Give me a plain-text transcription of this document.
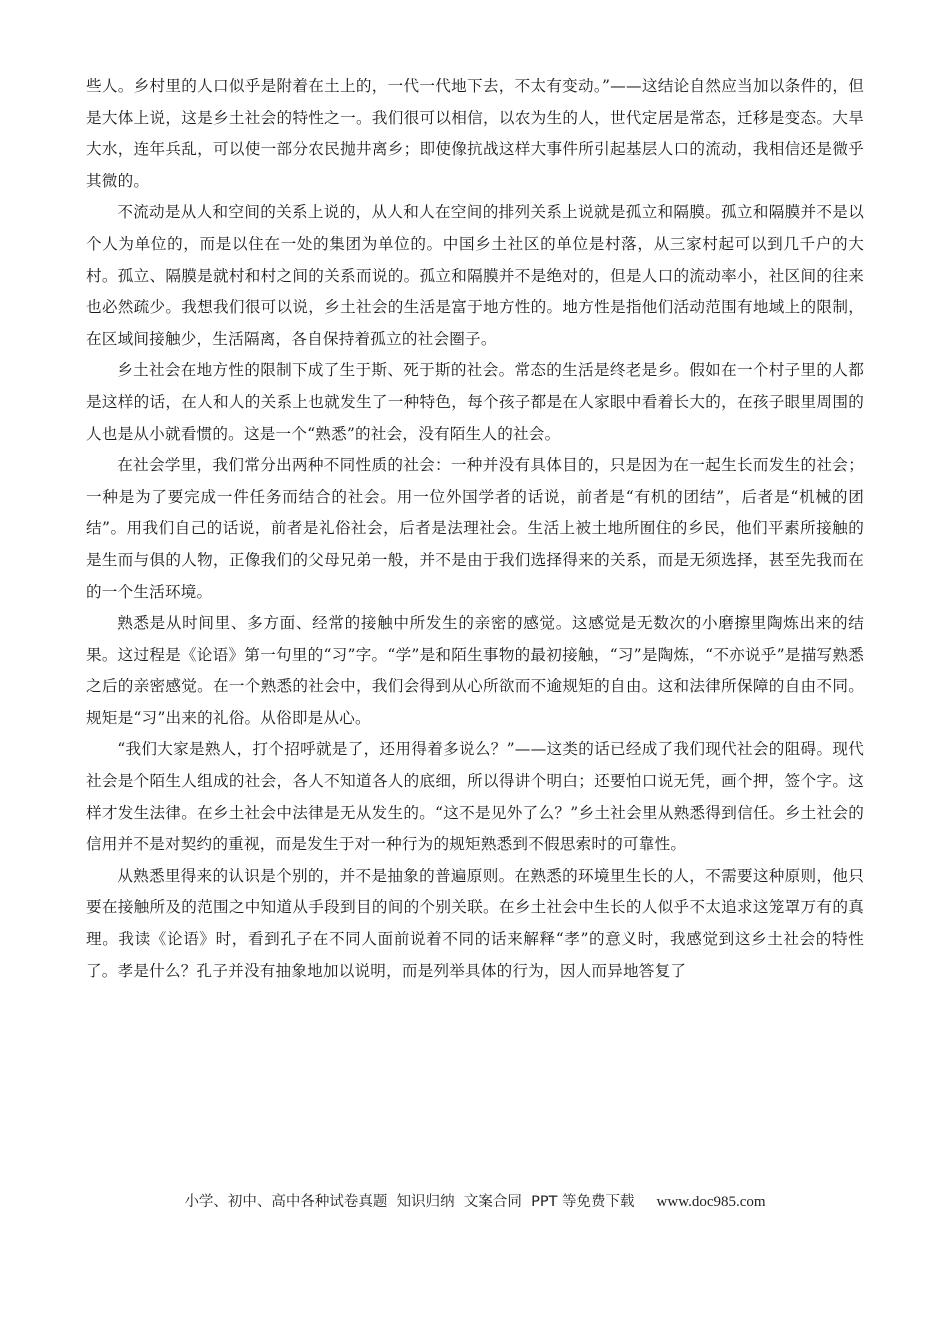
些人。乡村里的人口似乎是附着在土上的，一代一代地下去，不太有变动。”——这结论自然应当加以条件的，但是大体上说，这是乡土社会的特性之一。我们很可以相信，以农为生的人，世代定居是常态，迁移是变态。大旱大水，连年兵乱，可以使一部分农民抛井离乡；即使像抗战这样大事件所引起基层人口的流动，我相信还是微乎其微的。

不流动是从人和空间的关系上说的，从人和人在空间的排列关系上说就是孤立和隔膜。孤立和隔膜并不是以个人为单位的，而是以住在一处的集团为单位的。中国乡土社区的单位是村落，从三家村起可以到几千户的大村。孤立、隔膜是就村和村之间的关系而说的。孤立和隔膜并不是绝对的，但是人口的流动率小，社区间的往来也必然疏少。我想我们很可以说，乡土社会的生活是富于地方性的。地方性是指他们活动范围有地域上的限制，在区域间接触少，生活隔离，各自保持着孤立的社会圈子。

乡土社会在地方性的限制下成了生于斯、死于斯的社会。常态的生活是终老是乡。假如在一个村子里的人都是这样的话，在人和人的关系上也就发生了一种特色，每个孩子都是在人家眼中看着长大的，在孩子眼里周围的人也是从小就看惯的。这是一个“熟悉”的社会，没有陌生人的社会。

在社会学里，我们常分出两种不同性质的社会：一种并没有具体目的，只是因为在一起生长而发生的社会；一种是为了要完成一件任务而结合的社会。用一位外国学者的话说，前者是“有机的团结”，后者是“机械的团结”。用我们自己的话说，前者是礼俗社会，后者是法理社会。生活上被土地所囿住的乡民，他们平素所接触的是生而与俱的人物，正像我们的父母兄弟一般，并不是由于我们选择得来的关系，而是无须选择，甚至先我而在的一个生活环境。

熟悉是从时间里、多方面、经常的接触中所发生的亲密的感觉。这感觉是无数次的小磨擦里陶炼出来的结果。这过程是《论语》第一句里的“习”字。“学”是和陌生事物的最初接触，“习”是陶炼，“不亦说乎”是描写熟悉之后的亲密感觉。在一个熟悉的社会中，我们会得到从心所欲而不逾规矩的自由。这和法律所保障的自由不同。规矩是“习”出来的礼俗。从俗即是从心。

“我们大家是熟人，打个招呼就是了，还用得着多说么？”——这类的话已经成了我们现代社会的阻碍。现代社会是个陌生人组成的社会，各人不知道各人的底细，所以得讲个明白；还要怕口说无凭，画个押，签个字。这样才发生法律。在乡土社会中法律是无从发生的。“这不是见外了么？”乡土社会里从熟悉得到信任。乡土社会的信用并不是对契约的重视，而是发生于对一种行为的规矩熟悉到不假思索时的可靠性。

从熟悉里得来的认识是个别的，并不是抽象的普遍原则。在熟悉的环境里生长的人，不需要这种原则，他只要在接触所及的范围之中知道从手段到目的间的个别关联。在乡土社会中生长的人似乎不太追求这笼罩万有的真理。我读《论语》时，看到孔子在不同人面前说着不同的话来解释“孝”的意义时，我感觉到这乡土社会的特性了。孝是什么？孔子并没有抽象地加以说明，而是列举具体的行为，因人而异地答复了

小学、初中、高中各种试卷真题  知识归纳  文案合同  PPT 等免费下载 www.doc985.com
